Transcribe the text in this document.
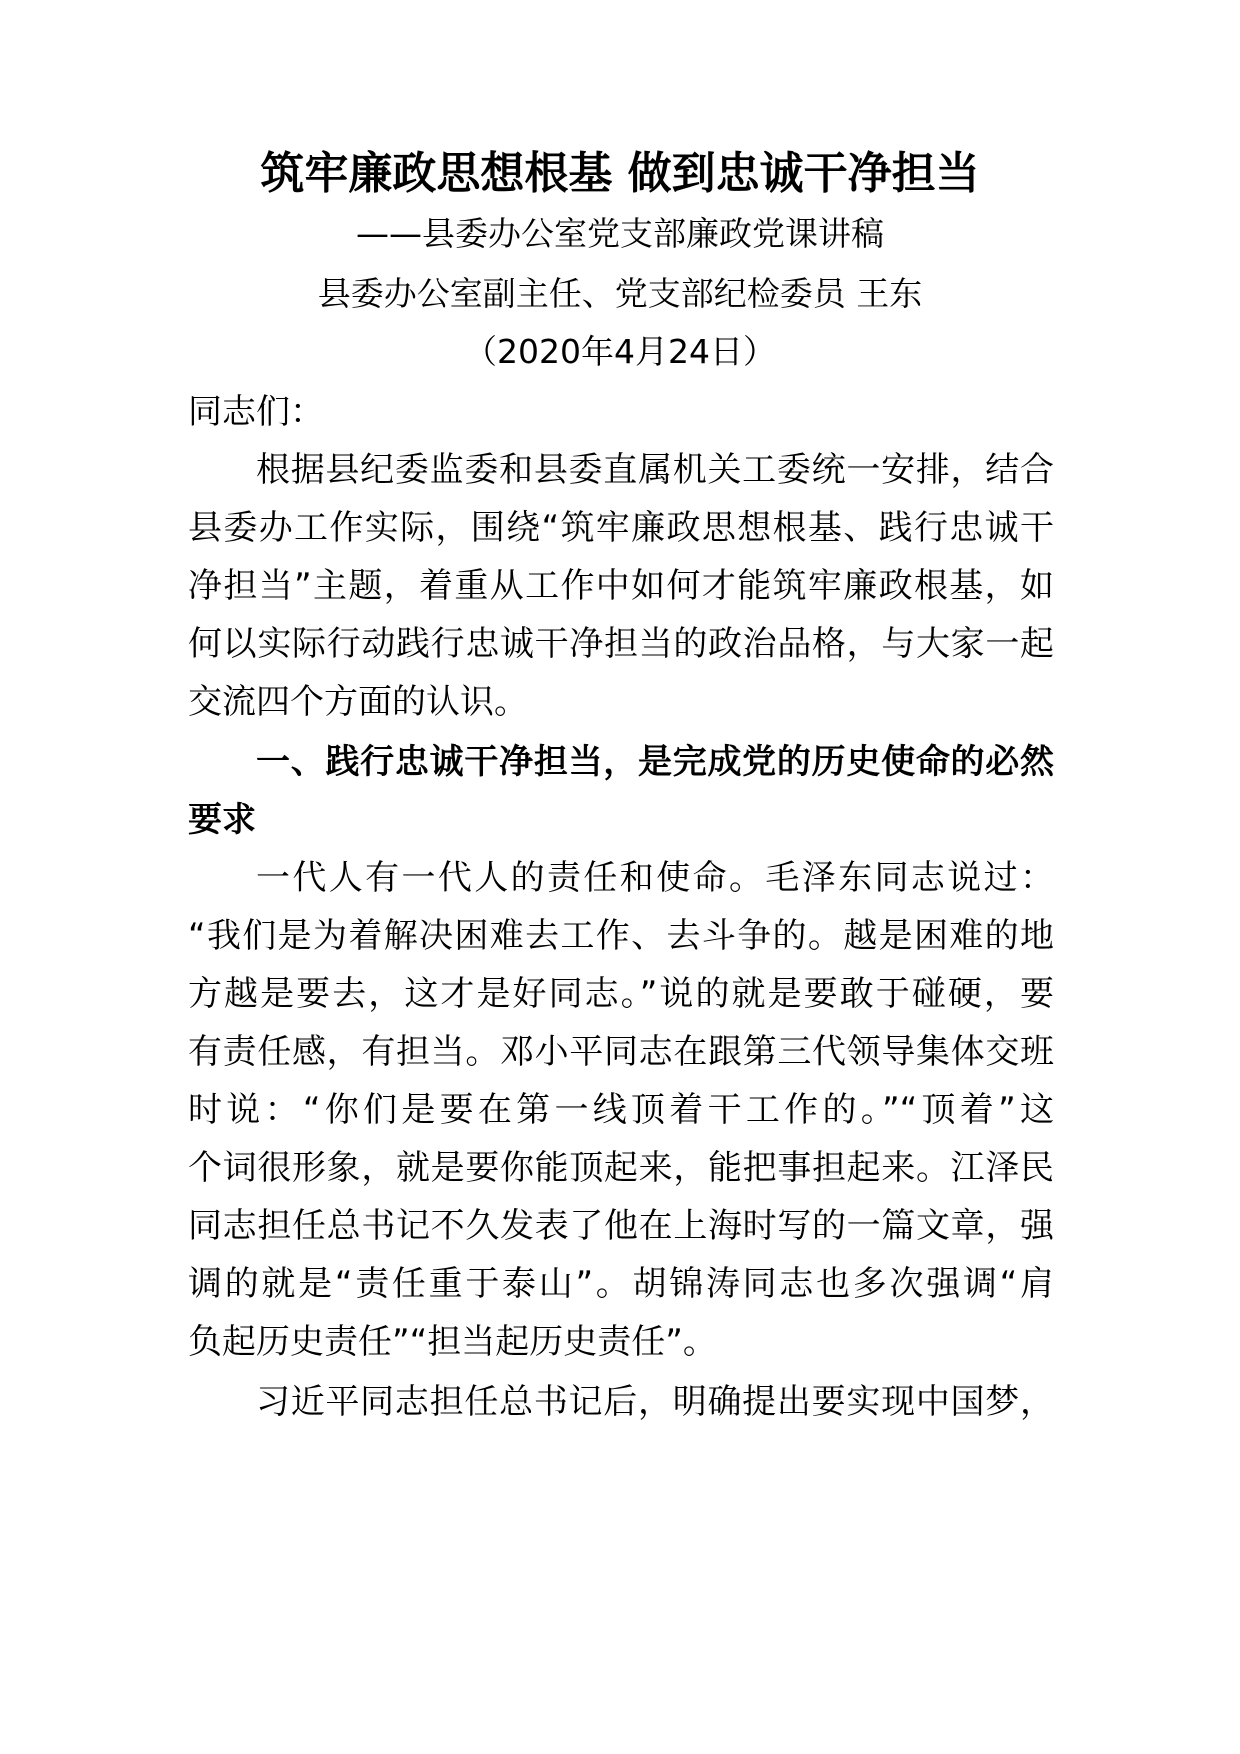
筑牢廉政思想根基 做到忠诚干净担当
——县委办公室党支部廉政党课讲稿
县委办公室副主任、党支部纪检委员 王东
（2020年4月24日）
同志们：
根据县纪委监委和县委直属机关工委统一安排，结合
县委办工作实际，围绕“筑牢廉政思想根基、践行忠诚干
净担当”主题，着重从工作中如何才能筑牢廉政根基，如
何以实际行动践行忠诚干净担当的政治品格，与大家一起
交流四个方面的认识。
一、践行忠诚干净担当，是完成党的历史使命的必然
要求
一代人有一代人的责任和使命。毛泽东同志说过：
“我们是为着解决困难去工作、去斗争的。越是困难的地
方越是要去，这才是好同志。”说的就是要敢于碰硬，要
有责任感，有担当。邓小平同志在跟第三代领导集体交班
时说：“你们是要在第一线顶着干工作的。”“顶着”这
个词很形象，就是要你能顶起来，能把事担起来。江泽民
同志担任总书记不久发表了他在上海时写的一篇文章，强
调的就是“责任重于泰山”。胡锦涛同志也多次强调“肩
负起历史责任”“担当起历史责任”。
习近平同志担任总书记后，明确提出要实现中国梦，
